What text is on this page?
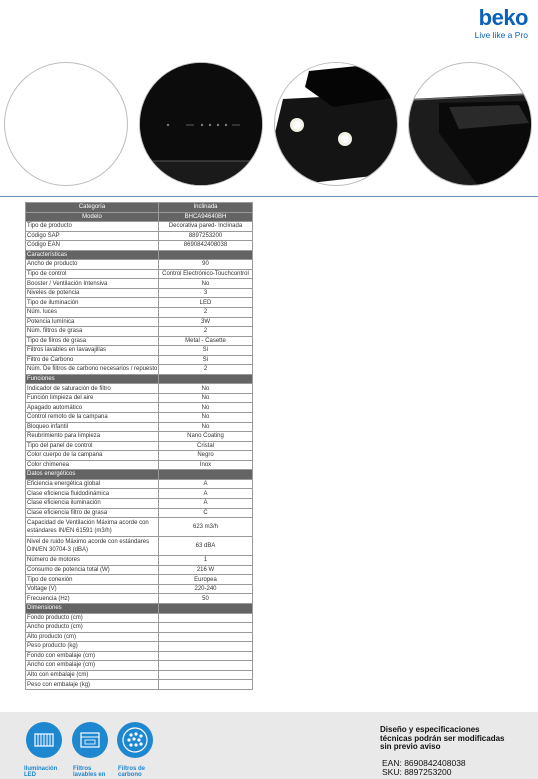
beko
Live like a Pro
Categoría	Inclinada
Modelo	BHCA94640BH
Tipo de producto	Decorativa pared- Inclinada
Código SAP	8897253200
Código EAN	8690842408038
Características	
Ancho de producto	90
Tipo de control	Control Electrónico-Touchcontrol
Booster / Ventilación Intensiva	No
Niveles de potencia	3
Tipo de iluminación	LED
Núm. luces	2
Potencia lumínica	3W
Núm. filtros de grasa	2
Tipo de filros de grasa	Metal - Casette
Filtros lavables en lavavajillas	Sí
Filtro de Carbono	Sí
Núm. De filtros de carbono necesarios / repuesto	2
Funciones	
Indicador de saturación de filtro	No
Función limpieza del aire	No
Apagado automático	No
Control remoto de la campana	No
Bloqueo infantil	No
Reubrimiento para limpieza	Nano Coating
Tipo del panel de control	Cristal
Color cuerpo de la campana	Negro
Color chimenea	Inox
Datos energéticos	
Eficiencia energética global	A
Clase eficiencia fluidodinámica	A
Clase eficiencia iluminación	A
Clase eficiencia filtro de grasa	C
Capacidad de Ventilación Máxima acorde con estándares IN/EN 61591 (m3/h)	623 m3/h
Nivel de ruido Máximo acorde con estándares DIN/EN 30704-3 (dBA)	63 dBA
Número de motores	1
Consumo de potencia total (W)	216 W
Tipo de conexión	Europea
Voltage (V)	220-240
Frecuencia (Hz)	50
Dimensiones	
Fondo producto (cm)	
Ancho producto (cm)	
Alto producto (cm)	
Peso producto (kg)	
Fondo con embalaje (cm)	
Ancho con embalaje (cm)	
Alto con embalaje (cm)	
Peso con embalaje (kg)	
Iluminación
LED
Filtros
lavables en
Filtros de
carbono
Diseño y especificaciones
técnicas podrán ser modificadas
sin previo aviso
EAN: 8690842408038
SKU: 8897253200
